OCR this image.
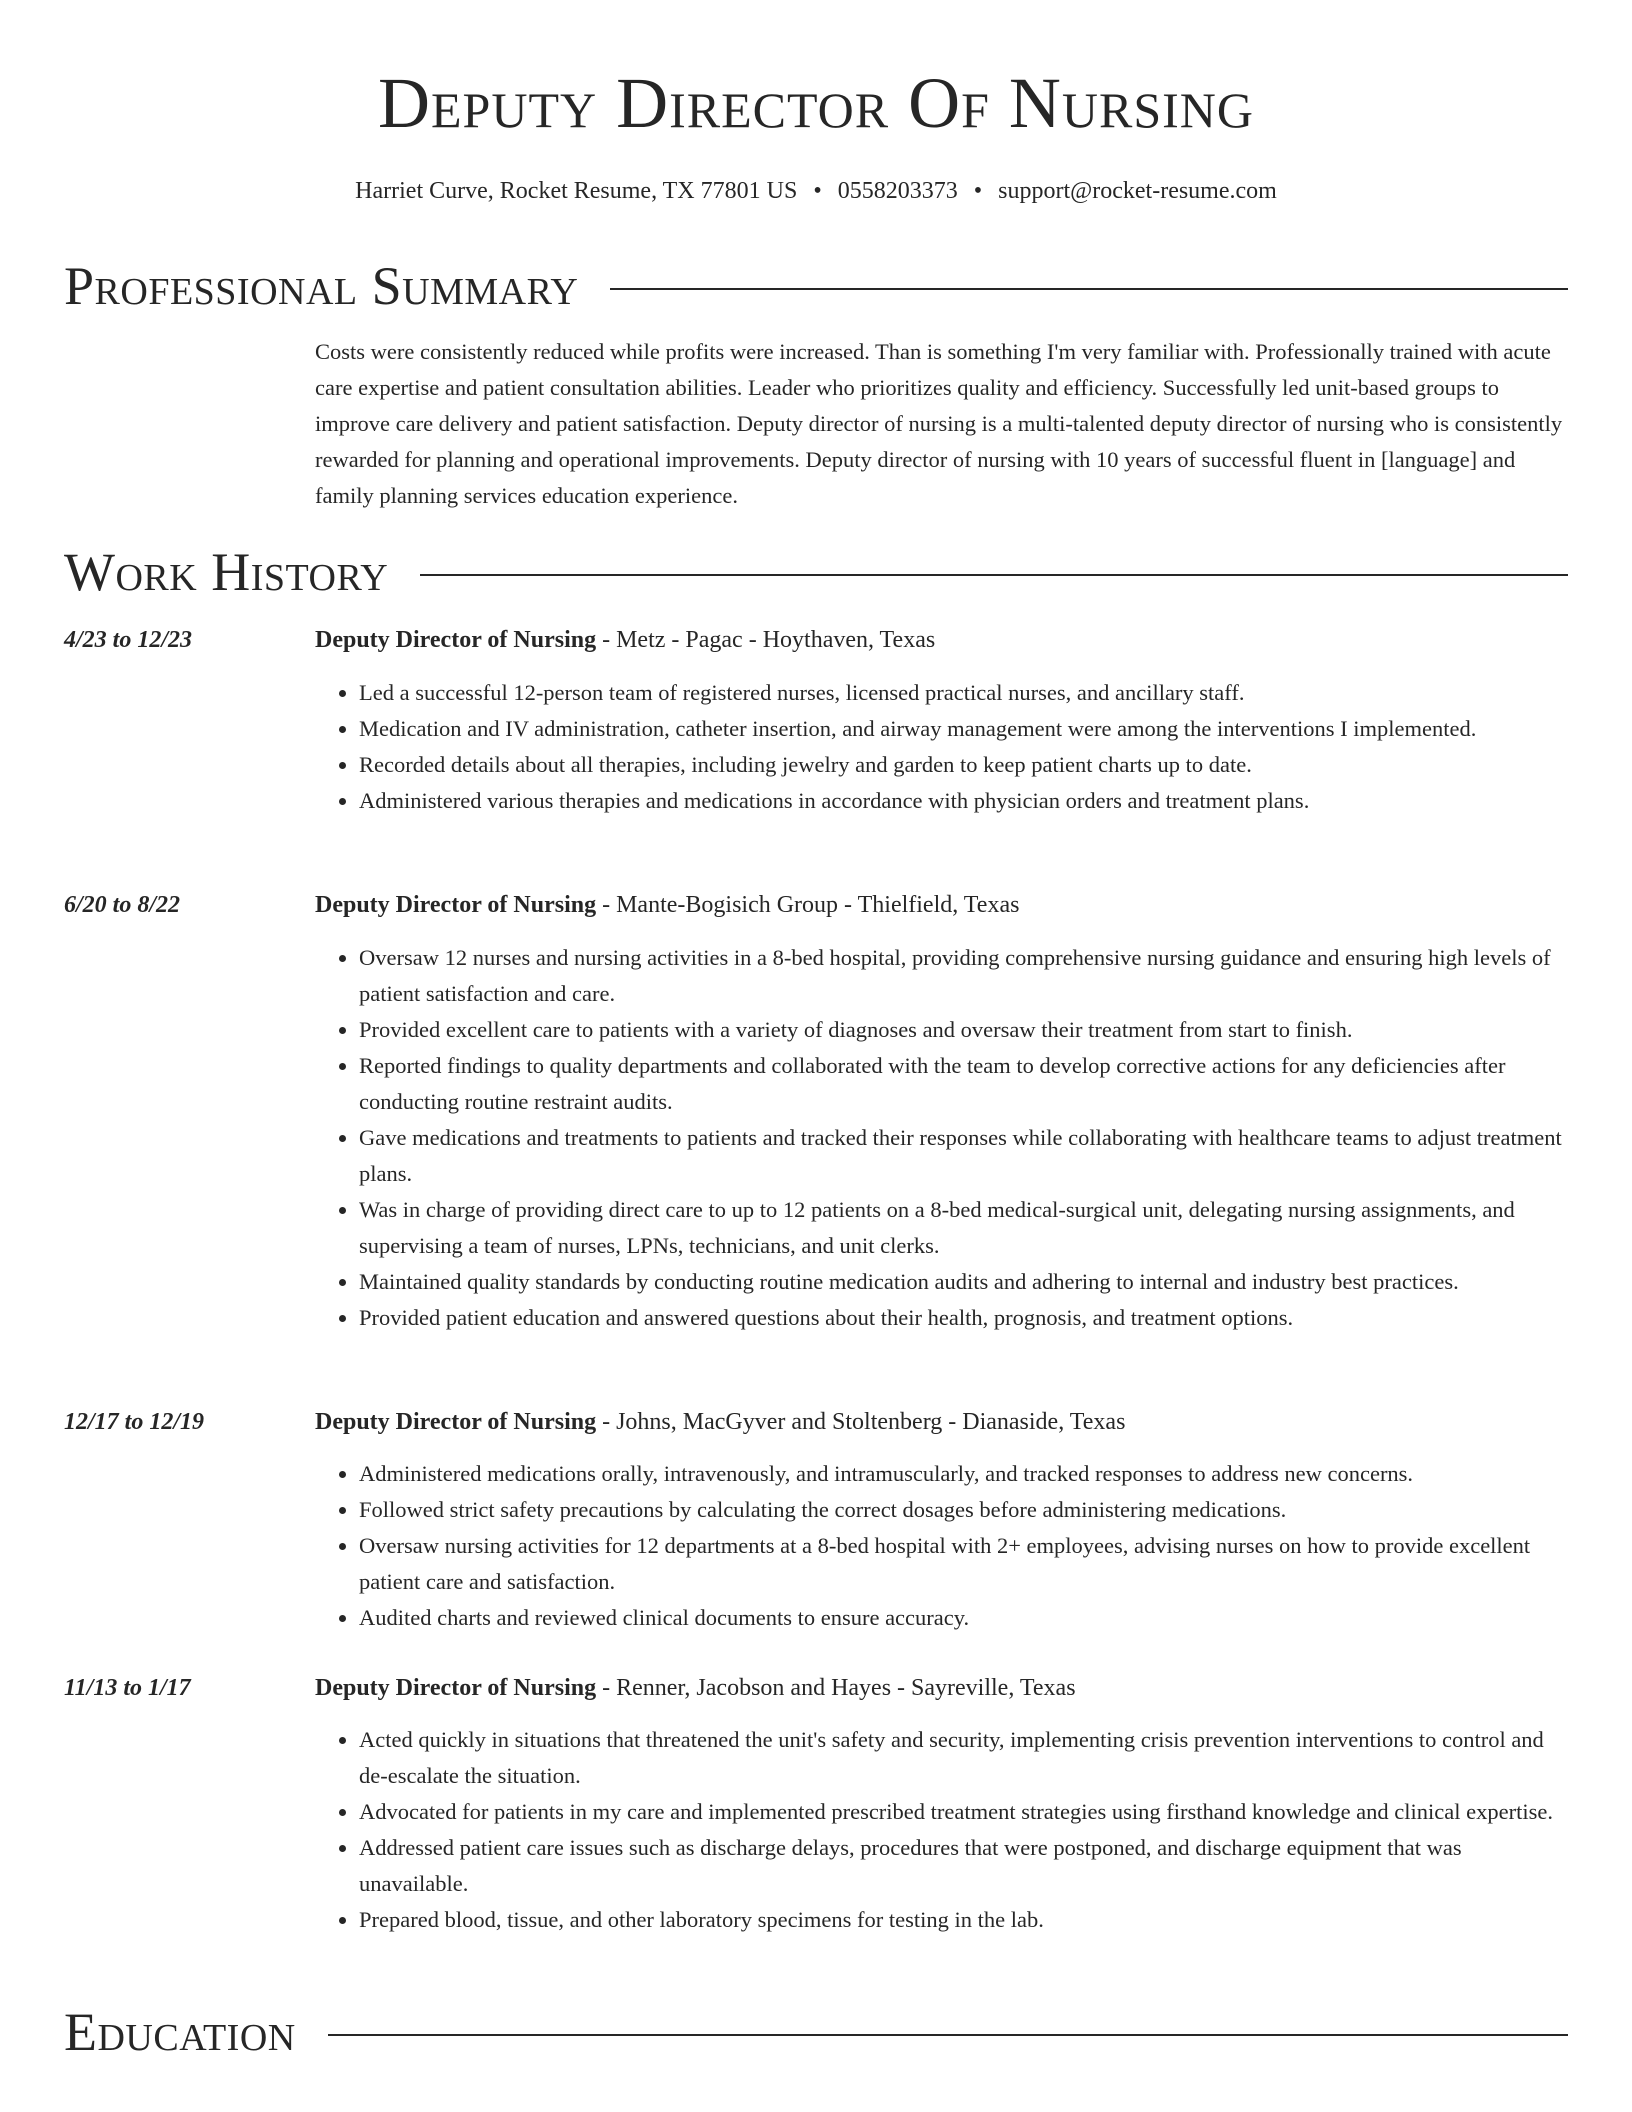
Deputy Director Of Nursing
Harriet Curve, Rocket Resume, TX 77801 US • 0558203373 • support@rocket-resume.com
Professional Summary

Costs were consistently reduced while profits were increased. Than is something I'm very familiar with. Professionally trained with acute care expertise and patient consultation abilities. Leader who prioritizes quality and efficiency. Successfully led unit-based groups to improve care delivery and patient satisfaction. Deputy director of nursing is a multi-talented deputy director of nursing who is consistently rewarded for planning and operational improvements. Deputy director of nursing with 10 years of successful fluent in [language] and family planning services education experience.

Work History
4/23 to 12/23	Deputy Director of Nursing - Metz - Pagac - Hoythaven, Texas
• Led a successful 12-person team of registered nurses, licensed practical nurses, and ancillary staff.
• Medication and IV administration, catheter insertion, and airway management were among the interventions I implemented.
• Recorded details about all therapies, including jewelry and garden to keep patient charts up to date.
• Administered various therapies and medications in accordance with physician orders and treatment plans.
6/20 to 8/22	Deputy Director of Nursing - Mante-Bogisich Group - Thielfield, Texas
• Oversaw 12 nurses and nursing activities in a 8-bed hospital, providing comprehensive nursing guidance and ensuring high levels of patient satisfaction and care.
• Provided excellent care to patients with a variety of diagnoses and oversaw their treatment from start to finish.
• Reported findings to quality departments and collaborated with the team to develop corrective actions for any deficiencies after conducting routine restraint audits.
• Gave medications and treatments to patients and tracked their responses while collaborating with healthcare teams to adjust treatment plans.
• Was in charge of providing direct care to up to 12 patients on a 8-bed medical-surgical unit, delegating nursing assignments, and supervising a team of nurses, LPNs, technicians, and unit clerks.
• Maintained quality standards by conducting routine medication audits and adhering to internal and industry best practices.
• Provided patient education and answered questions about their health, prognosis, and treatment options.
12/17 to 12/19	Deputy Director of Nursing - Johns, MacGyver and Stoltenberg - Dianaside, Texas
• Administered medications orally, intravenously, and intramuscularly, and tracked responses to address new concerns.
• Followed strict safety precautions by calculating the correct dosages before administering medications.
• Oversaw nursing activities for 12 departments at a 8-bed hospital with 2+ employees, advising nurses on how to provide excellent patient care and satisfaction.
• Audited charts and reviewed clinical documents to ensure accuracy.
11/13 to 1/17	Deputy Director of Nursing - Renner, Jacobson and Hayes - Sayreville, Texas
• Acted quickly in situations that threatened the unit's safety and security, implementing crisis prevention interventions to control and de-escalate the situation.
• Advocated for patients in my care and implemented prescribed treatment strategies using firsthand knowledge and clinical expertise.
• Addressed patient care issues such as discharge delays, procedures that were postponed, and discharge equipment that was unavailable.
• Prepared blood, tissue, and other laboratory specimens for testing in the lab.
Education
